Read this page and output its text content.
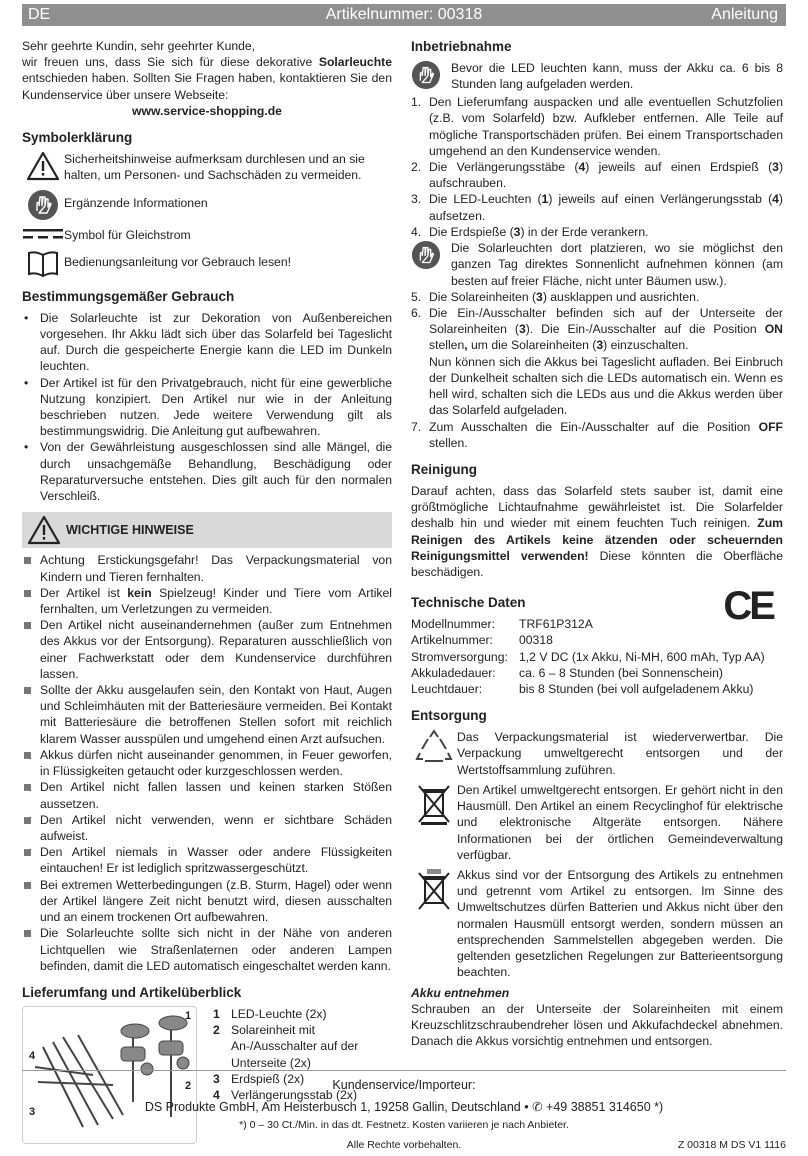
DE	Artikelnummer: 00318	Anleitung

Sehr geehrte Kundin, sehr geehrter Kunde,

wir freuen uns, dass Sie sich für diese dekorative Solarleuchte entschieden haben. Sollten Sie Fragen haben, kontaktieren Sie den Kundenservice über unsere Webseite:

www.service-shopping.de

Symbolerklärung
Sicherheitshinweise aufmerksam durchlesen und an sie halten, um Personen- und Sachschäden zu vermeiden.
Ergänzende Informationen
Symbol für Gleichstrom
Bedienungsanleitung vor Gebrauch lesen!
Bestimmungsgemäßer Gebrauch
• Die Solarleuchte ist zur Dekoration von Außenbereichen vorgesehen. Ihr Akku lädt sich über das Solarfeld bei Tageslicht auf. Durch die gespeicherte Energie kann die LED im Dunkeln leuchten.
• Der Artikel ist für den Privatgebrauch, nicht für eine gewerbliche Nutzung konzipiert. Den Artikel nur wie in der Anleitung beschrieben nutzen. Jede weitere Verwendung gilt als bestimmungswidrig. Die Anleitung gut aufbewahren.
• Von der Gewährleistung ausgeschlossen sind alle Mängel, die durch unsachgemäße Behandlung, Beschädigung oder Reparaturversuche entstehen. Dies gilt auch für den normalen Verschleiß.
WICHTIGE HINWEISE
Achtung Erstickungsgefahr! Das Verpackungsmaterial von Kindern und Tieren fernhalten.
Der Artikel ist kein Spielzeug! Kinder und Tiere vom Artikel fernhalten, um Verletzungen zu vermeiden.
Den Artikel nicht auseinandernehmen (außer zum Entnehmen des Akkus vor der Entsorgung). Reparaturen ausschließlich von einer Fachwerkstatt oder dem Kundenservice durchführen lassen.
Sollte der Akku ausgelaufen sein, den Kontakt von Haut, Augen und Schleimhäuten mit der Batteriesäure vermeiden. Bei Kontakt mit Batteriesäure die betroffenen Stellen sofort mit reichlich klarem Wasser ausspülen und umgehend einen Arzt aufsuchen.
Akkus dürfen nicht auseinander genommen, in Feuer geworfen, in Flüssigkeiten getaucht oder kurzgeschlossen werden.
Den Artikel nicht fallen lassen und keinen starken Stößen aussetzen.
Den Artikel nicht verwenden, wenn er sichtbare Schäden aufweist.
Den Artikel niemals in Wasser oder andere Flüssigkeiten eintauchen! Er ist lediglich spritzwassergeschützt.
Bei extremen Wetterbedingungen (z.B. Sturm, Hagel) oder wenn der Artikel längere Zeit nicht benutzt wird, diesen ausschalten und an einem trockenen Ort aufbewahren.
Die Solarleuchte sollte sich nicht in der Nähe von anderen Lichtquellen wie Straßenlaternen oder anderen Lampen befinden, damit die LED automatisch eingeschaltet werden kann.
Lieferumfang und Artikelüberblick
1
2
3
4
1 LED-Leuchte (2x)
2 Solareinheit mit An-/Ausschalter auf der Unterseite (2x)
3 Erdspieß (2x)
4 Verlängerungsstab (2x)
Inbetriebnahme
Bevor die LED leuchten kann, muss der Akku ca. 6 bis 8 Stunden lang aufgeladen werden.
1. Den Lieferumfang auspacken und alle eventuellen Schutzfolien (z.B. vom Solarfeld) bzw. Aufkleber entfernen. Alle Teile auf mögliche Transportschäden prüfen. Bei einem Transportschaden umgehend an den Kundenservice wenden.
2. Die Verlängerungsstäbe (4) jeweils auf einen Erdspieß (3) aufschrauben.
3. Die LED-Leuchten (1) jeweils auf einen Verlängerungsstab (4) aufsetzen.
4. Die Erdspieße (3) in der Erde verankern.
Die Solarleuchten dort platzieren, wo sie möglichst den ganzen Tag direktes Sonnenlicht aufnehmen können (am besten auf freier Fläche, nicht unter Bäumen usw.).
5. Die Solareinheiten (3) ausklappen und ausrichten.
6. Die Ein-/Ausschalter befinden sich auf der Unterseite der Solareinheiten (3). Die Ein-/Ausschalter auf die Position ON stellen, um die Solareinheiten (3) einzuschalten.
Nun können sich die Akkus bei Tageslicht aufladen. Bei Einbruch der Dunkelheit schalten sich die LEDs automatisch ein. Wenn es hell wird, schalten sich die LEDs aus und die Akkus werden über das Solarfeld aufgeladen.
7. Zum Ausschalten die Ein-/Ausschalter auf die Position OFF stellen.
Reinigung

Darauf achten, dass das Solarfeld stets sauber ist, damit eine größtmögliche Lichtaufnahme gewährleistet ist. Die Solarfelder deshalb hin und wieder mit einem feuchten Tuch reinigen. Zum Reinigen des Artikels keine ätzenden oder scheuernden Reinigungsmittel verwenden! Diese könnten die Oberfläche beschädigen.

Technische Daten	CE
Modellnummer:	TRF61P312A
Artikelnummer:	00318
Stromversorgung: 1,2 V DC (1x Akku, Ni-MH, 600 mAh, Typ AA)
Akkuladedauer:	ca. 6 – 8 Stunden (bei Sonnenschein)
Leuchtdauer:	bis 8 Stunden (bei voll aufgeladenem Akku)
Entsorgung
Das Verpackungsmaterial ist wiederverwertbar. Die Verpackung umweltgerecht entsorgen und der Wertstoffsammlung zuführen.
Den Artikel umweltgerecht entsorgen. Er gehört nicht in den Hausmüll. Den Artikel an einem Recyclinghof für elektrische und elektronische Altgeräte entsorgen. Nähere Informationen bei der örtlichen Gemeindeverwaltung verfügbar.
Akkus sind vor der Entsorgung des Artikels zu entnehmen und getrennt vom Artikel zu entsorgen. Im Sinne des Umweltschutzes dürfen Batterien und Akkus nicht über den normalen Hausmüll entsorgt werden, sondern müssen an entsprechenden Sammelstellen abgegeben werden. Die geltenden gesetzlichen Regelungen zur Batterieentsorgung beachten.

Akku entnehmen

Schrauben an der Unterseite der Solareinheiten mit einem Kreuzschlitzschraubendreher lösen und Akkufachdeckel abnehmen. Danach die Akkus vorsichtig entnehmen und entsorgen.

Kundenservice/Importeur:
DS Produkte GmbH, Am Heisterbusch 1, 19258 Gallin, Deutschland • ✆ +49 38851 314650 *)
*) 0 – 30 Ct./Min. in das dt. Festnetz. Kosten variieren je nach Anbieter.
Alle Rechte vorbehalten.	Z 00318 M DS V1 1116
